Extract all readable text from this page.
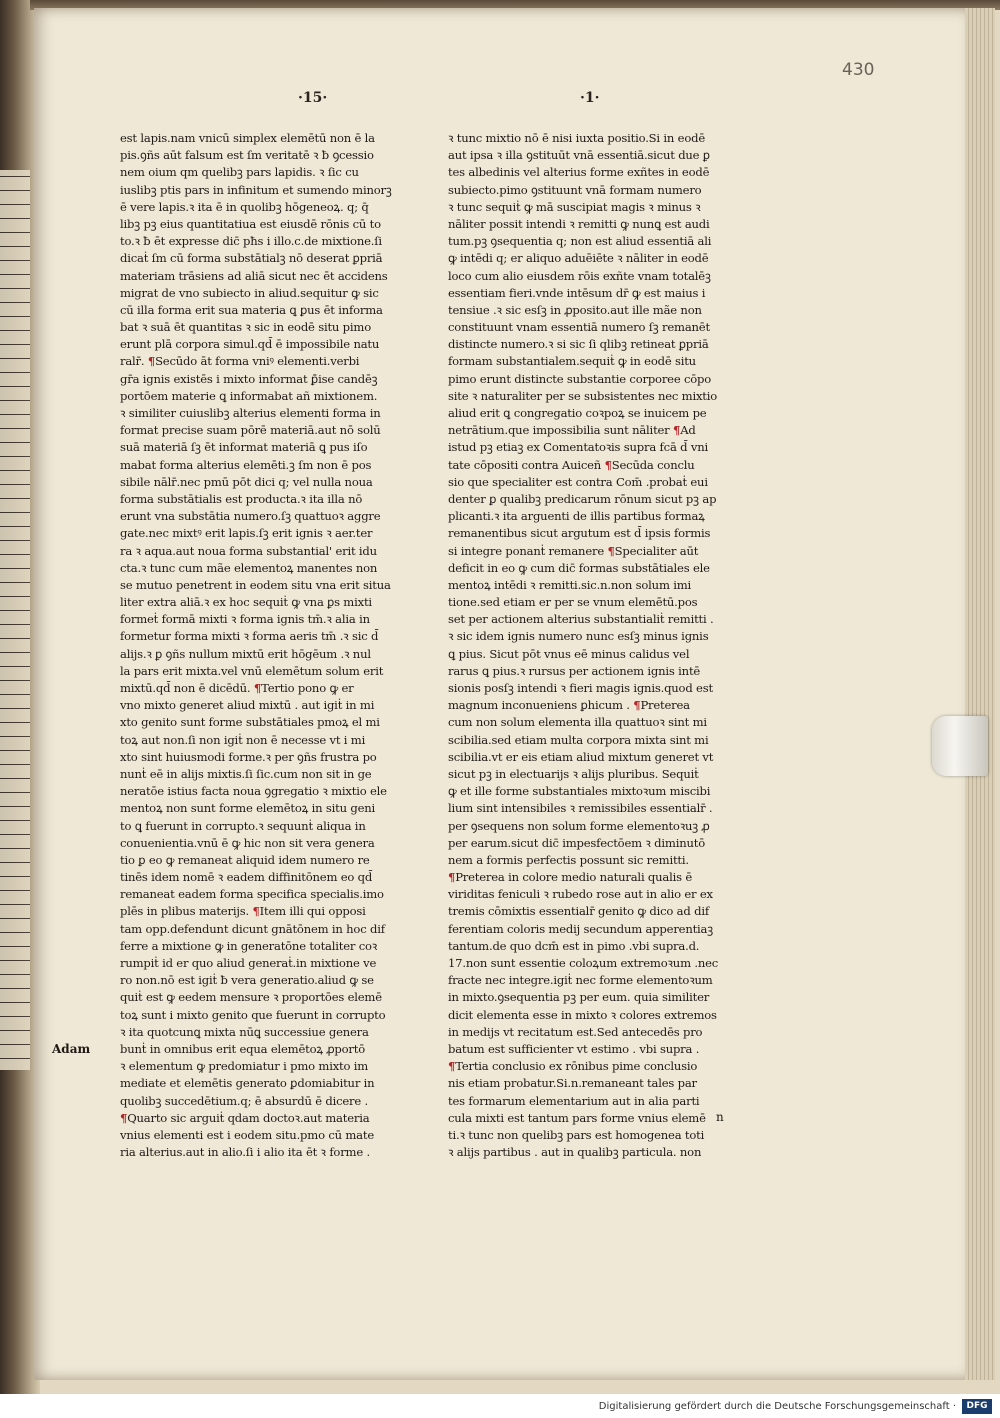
430
·15·	·1·
est lapis.nam vnicū simplex elemētū non ē la
pis.ꝯñs aūt falsum est ſm veritatē ꝛ ƀ ꝯcessio
nem oium qm quelibꝫ pars lapidis. ꝛ ſic cu
iuslibꝫ ptis pars in infinitum et sumendo minorꝫ
ē vere lapis.ꝛ ita ē in quolibꝫ hōgeneoꝝ. q; q̄
libꝫ pꝫ eius quantitatiua est eiusdē rōnis cū to
to.ꝛ ƀ ēt expresse dic̄ pħs i illo.c.de mixtione.ſi
dicaṫ ſm cū forma substātialꝫ nō deserat ꝑpriā
materiam trāsiens ad aliā sicut nec ēt accidens
migrat de vno subiecto in aliud.sequitur ꝙ sic
cū illa forma erit sua materia ꝗ ꝑus ēt informa
bat ꝛ suā ēt quantitas ꝛ sic in eodē situ pimo
erunt plā corpora simul.qd̄ ē impossibile natu
ralr̄. ¶Secūdo āt forma vniꝰ elementi.verbi
gr̄a ignis existēs i mixto informat ꝑ̄ise candēꝫ
portōem materie ꝗ informabat añ mixtionem.
ꝛ similiter cuiuslibꝫ alterius elementi forma in
format precise suam pōrē materiā.aut nō solū
suā materiā ſꝫ ēt informat materiā ꝗ pus iſo
mabat forma alterius elemēti.ꝫ ſm non ē pos
sibile nālr̄.nec pmū pōt dici q; vel nulla noua
forma substātialis est producta.ꝛ ita illa nō
erunt vna substātia numero.ſꝫ quattuoꝛ aggre
gate.nec mixtꝰ erit lapis.ſꝫ erit ignis ꝛ aer.ter
ra ꝛ aqua.aut noua forma substantial' erit idu
cta.ꝛ tunc cum mãe elementoꝝ manentes non
se mutuo penetrent in eodem situ vna erit situa
liter extra aliā.ꝛ ex hoc sequiṫ ꝙ vna ꝑs mixti
formeṫ formā mixti ꝛ forma ignis tm̄.ꝛ alia in
formetur forma mixti ꝛ forma aeris tm̄ .ꝛ sic d̄
alijs.ꝛ ꝑ ꝯñs nullum mixtū erit hōgēum .ꝛ nul
la pars erit mixta.vel vnū elemētum solum erit
mixtū.qd̄ non ē dicēdū. ¶Tertio pono ꝙ er
vno mixto generet aliud mixtū . aut igiṫ in mi
xto genito sunt forme substātiales pmoꝝ el mi
toꝝ aut non.ſi non igiṫ non ē necesse vt i mi
xto sint huiusmodi forme.ꝛ per ꝯñs frustra po
nunṫ eē in alijs mixtis.ſi ſic.cum non sit in ge
neratōe istius facta noua ꝯgregatio ꝛ mixtio ele
mentoꝝ non sunt forme elemētoꝝ in situ geni
to ꝗ fuerunt in corrupto.ꝛ sequunṫ aliqua in
conuenientia.vnū ē ꝙ hic non sit vera genera
tio ꝑ eo ꝙ remaneat aliquid idem numero re
tinēs idem nomē ꝛ eadem diffinitōnem eo qd̄
remaneat eadem forma specifica specialis.imo
plēs in plibus materijs. ¶Item illi qui opposi
tam opp.defendunt dicunt gnātōnem in hoc dif
ferre a mixtione ꝙ in generatōne totaliter coꝛ
rumpiṫ id er quo aliud generaṫ.in mixtione ve
ro non.nō est igiṫ ƀ vera generatio.aliud ꝙ se
quiṫ est ꝙ eedem mensure ꝛ proportōes elemē
toꝝ sunt i mixto genito que fuerunt in corrupto
ꝛ ita quotcunꝗ mixta nūꝗ successiue genera
bunṫ in omnibus erit equa elemētoꝝ ꝓportō
ꝛ elementum ꝙ predomiatur i pmo mixto im
mediate et elemētis generato ꝑdomiabitur in
quolibꝫ succedētium.q; ē absurdū ē dicere .
¶Quarto sic arguiṫ qdam doctoꝛ.aut materia
vnius elementi est i eodem situ.pmo cū mate
ria alterius.aut in alio.ſi i alio ita ēt ꝛ forme .
ꝛ tunc mixtio nō ē nisi iuxta positio.Si in eodē
aut ipsa ꝛ illa ꝯstituūt vnā essentiā.sicut due ꝑ
tes albedinis vel alterius forme exñtes in eodē
subiecto.pimo ꝯstituunt vnā formam numero
ꝛ tunc sequiṫ ꝙ mā suscipiat magis ꝛ minus ꝛ
nāliter possit intendi ꝛ remitti ꝙ nunꝗ est audi
tum.pꝫ ꝯsequentia q; non est aliud essentiā ali
ꝙ intēdi q; er aliquo aduēiēte ꝛ nāliter in eodē
loco cum alio eiusdem rōis exñte vnam totalēꝫ
essentiam fieri.vnde intēsum dr̄ ꝙ est maius i
tensiue .ꝛ sic esſꝫ in ꝓposito.aut ille mãe non
constituunt vnam essentiā numero ſꝫ remanēt
distincte numero.ꝛ si sic ſi qlibꝫ retineat ꝑpriā
formam substantialem.sequiṫ ꝙ in eodē situ
pimo erunt distincte substantie corporee cōpo
site ꝛ naturaliter per se subsistentes nec mixtio
aliud erit ꝗ congregatio coꝛpoꝝ se inuicem pe
netrātium.que impossibilia sunt nāliter ¶Ad
istud pꝫ etiaꝫ ex Comentatoꝛis supra fcā d̄ vni
tate cōpositi contra Auiceñ ¶Secūda conclu
sio que specialiter est contra Com̄ .probaṫ eui
denter ꝑ qualibꝫ predicarum rōnum sicut pꝫ ap
plicanti.ꝛ ita arguenti de illis partibus formaꝝ
remanentibus sicut argutum est d̄ ipsis formis
si integre ponanṫ remanere ¶Specialiter aūt
deficit in eo ꝙ cum dic̄ formas substātiales ele
mentoꝝ intēdi ꝛ remitti.sic.n.non solum imi
tione.sed etiam er per se vnum elemētū.pos
set per actionem alterius substantialiṫ remitti .
ꝛ sic idem ignis numero nunc esſꝫ minus ignis
ꝗ pius. Sicut pōt vnus eē minus calidus vel
rarus ꝗ pius.ꝛ rursus per actionem ignis intē
sionis posſꝫ intendi ꝛ fieri magis ignis.quod est
magnum inconueniens ꝑhicum . ¶Preterea
cum non solum elementa illa quattuoꝛ sint mi
scibilia.sed etiam multa corpora mixta sint mi
scibilia.vt er eis etiam aliud mixtum generet vt
sicut pꝫ in electuarijs ꝛ alijs pluribus. Sequiṫ
ꝙ et ille forme substantiales mixtoꝛum miscibi
lium sint intensibiles ꝛ remissibiles essentialr̄ .
per ꝯsequens non solum forme elementoꝛuꝫ ꝓ
per earum.sicut dic̄ impesfectōem ꝛ diminutō
nem a formis perfectis possunt sic remitti.
¶Preterea in colore medio naturali qualis ē
viriditas feniculi ꝛ rubedo rose aut in alio er ex
tremis cōmixtis essentialr̄ genito ꝙ dico ad dif
ferentiam coloris medij secundum apperentiaꝫ
tantum.de quo dcm̄ est in pimo .vbi supra.d.
17.non sunt essentie coloꝝum extremoꝛum .nec
fracte nec integre.igiṫ nec forme elementoꝛum
in mixto.ꝯsequentia pꝫ per eum. quia similiter
dicit elementa esse in mixto ꝛ colores extremos
in medijs vt recitatum est.Sed antecedēs pro
batum est sufficienter vt estimo . vbi supra .
¶Tertia conclusio ex rōnibus pime conclusio
nis etiam probatur.Si.n.remaneant tales par
tes formarum elementarium aut in alia parti
cula mixti est tantum pars forme vnius elemē
ti.ꝛ tunc non quelibꝫ pars est homogenea toti
ꝛ alijs partibus . aut in qualibꝫ particula. non
Adam
n
Digitalisierung gefördert durch die Deutsche Forschungsgemeinschaft ·	DFG
